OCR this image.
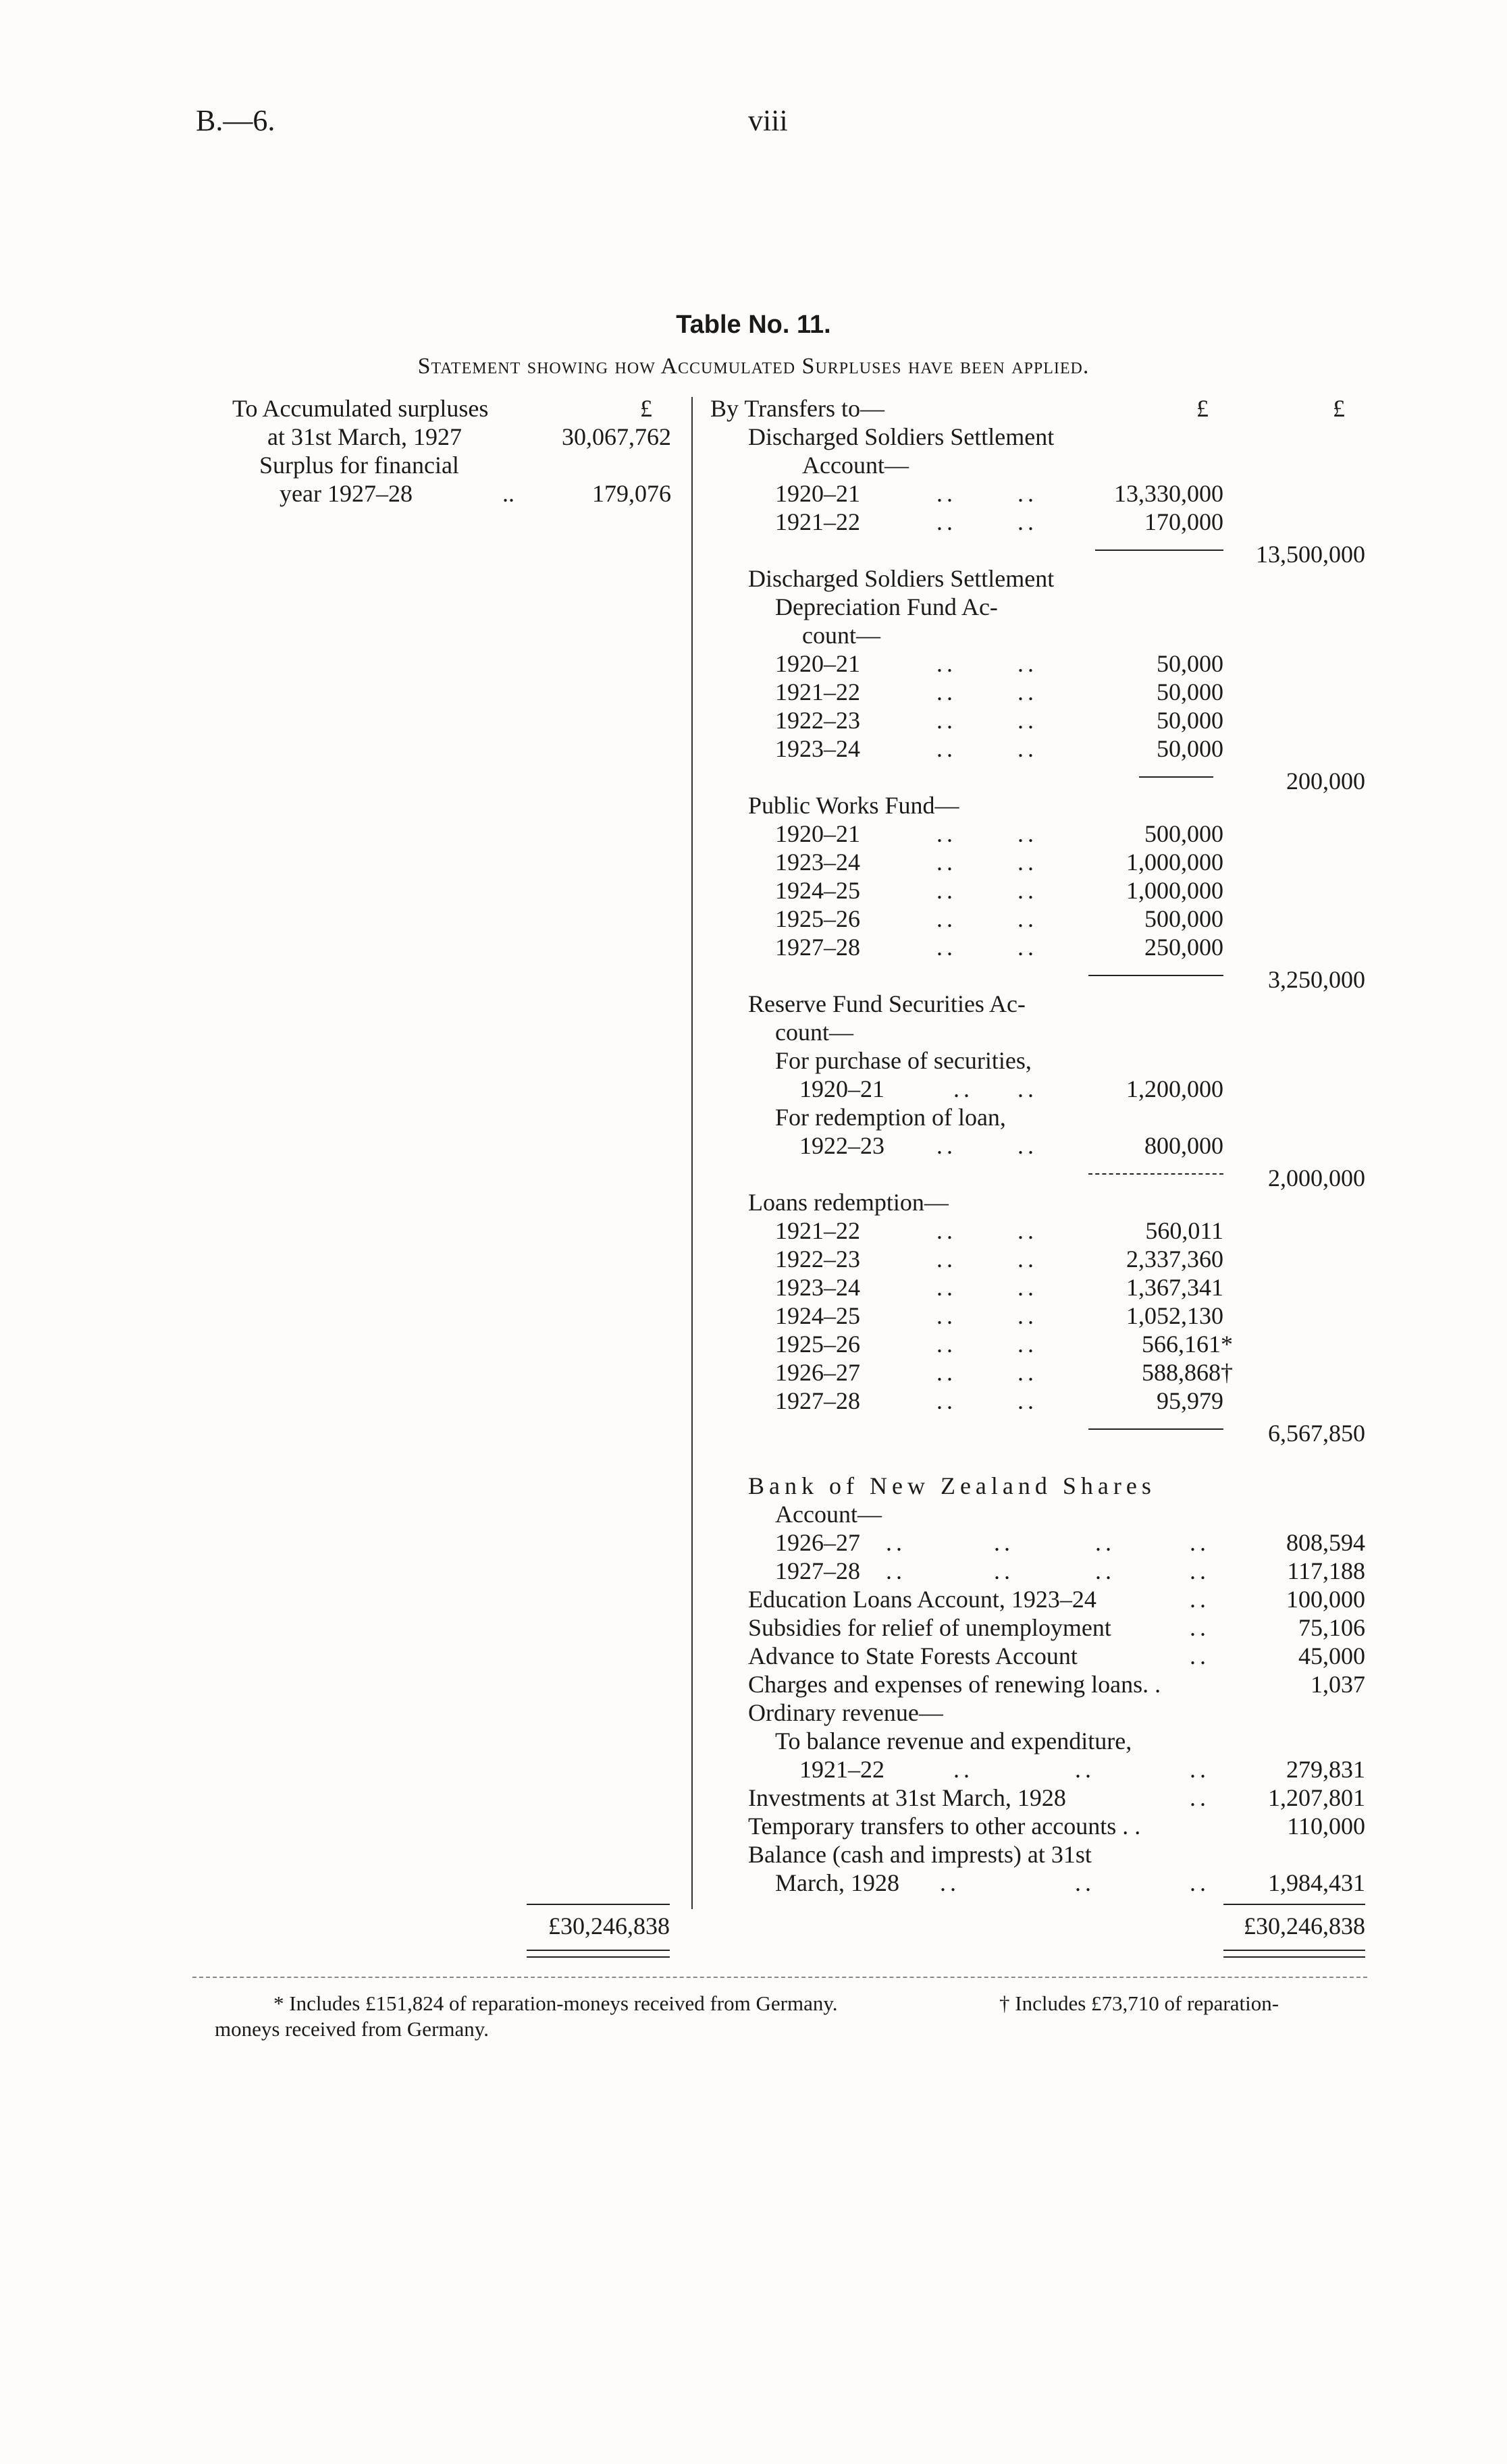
B.—6.	viii
Table No. 11.
Statement showing how Accumulated Surpluses have been applied.
To Accumulated surpluses	£
at 31st March, 1927	30,067,762
Surplus for financial
year 1927–28	..	179,076
£30,246,838
By Transfers to—	£	£
Discharged Soldiers Settlement
Account—
1920–21	..	..	13,330,000
1921–22	..	..	170,000
13,500,000
Discharged Soldiers Settlement
Depreciation Fund Ac-
count—
1920–21	..	..	50,000
1921–22	..	..	50,000
1922–23	..	..	50,000
1923–24	..	..	50,000
200,000
Public Works Fund—
1920–21	..	..	500,000
1923–24	..	..	1,000,000
1924–25	..	..	1,000,000
1925–26	..	..	500,000
1927–28	..	..	250,000
3,250,000
Reserve Fund Securities Ac-
count—
For purchase of securities,
1920–21	.. ..	1,200,000
For redemption of loan,
1922–23 ..	..	800,000
2,000,000
Loans redemption—
1921–22	..	..	560,011
1922–23	..	..	2,337,360
1923–24	..	..	1,367,341
1924–25	..	..	1,052,130
1925–26	..	..	566,161*
1926–27	..	..	588,868†
1927–28	..	..	95,979
6,567,850
Bank of New Zealand Shares
Account—
1926–27 ..	..	..	..	808,594
1927–28 ..	..	..	..	117,188
Education Loans Account, 1923–24	..	100,000
Subsidies for relief of unemployment	..	75,106
Advance to State Forests Account	..	45,000
Charges and expenses of renewing loans. .	1,037
Ordinary revenue—
To balance revenue and expenditure,
1921–22	..	..	..	279,831
Investments at 31st March, 1928	.. 1,207,801
Temporary transfers to other accounts . .	110,000
Balance (cash and imprests) at 31st
March, 1928 ..	..	.. 1,984,431
£30,246,838
* Includes £151,824 of reparation-moneys received from Germany.	† Includes £73,710 of reparation-
moneys received from Germany.
